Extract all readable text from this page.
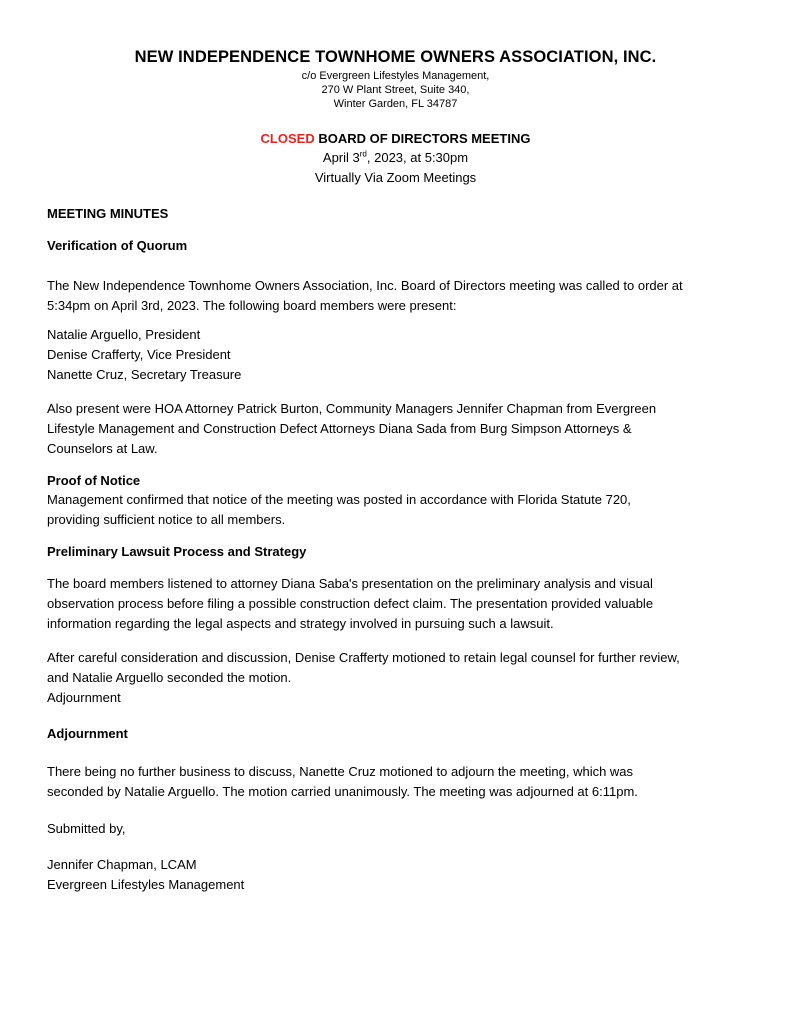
NEW INDEPENDENCE TOWNHOME OWNERS ASSOCIATION, INC.
c/o Evergreen Lifestyles Management,
270 W Plant Street, Suite 340,
Winter Garden, FL 34787
CLOSED BOARD OF DIRECTORS MEETING
April 3rd, 2023, at 5:30pm
Virtually Via Zoom Meetings
MEETING MINUTES
Verification of Quorum
The New Independence Townhome Owners Association, Inc. Board of Directors meeting was called to order at
5:34pm on April 3rd, 2023. The following board members were present:
Natalie Arguello, President
Denise Crafferty, Vice President
Nanette Cruz, Secretary Treasure
Also present were HOA Attorney Patrick Burton, Community Managers Jennifer Chapman from Evergreen
Lifestyle Management and Construction Defect Attorneys Diana Sada from Burg Simpson Attorneys &
Counselors at Law.
Proof of Notice
Management confirmed that notice of the meeting was posted in accordance with Florida Statute 720,
providing sufficient notice to all members.
Preliminary Lawsuit Process and Strategy
The board members listened to attorney Diana Saba's presentation on the preliminary analysis and visual
observation process before filing a possible construction defect claim. The presentation provided valuable
information regarding the legal aspects and strategy involved in pursuing such a lawsuit.
After careful consideration and discussion, Denise Crafferty motioned to retain legal counsel for further review,
and Natalie Arguello seconded the motion.
Adjournment
Adjournment
There being no further business to discuss, Nanette Cruz motioned to adjourn the meeting, which was
seconded by Natalie Arguello. The motion carried unanimously. The meeting was adjourned at 6:11pm.
Submitted by,
Jennifer Chapman, LCAM
Evergreen Lifestyles Management
